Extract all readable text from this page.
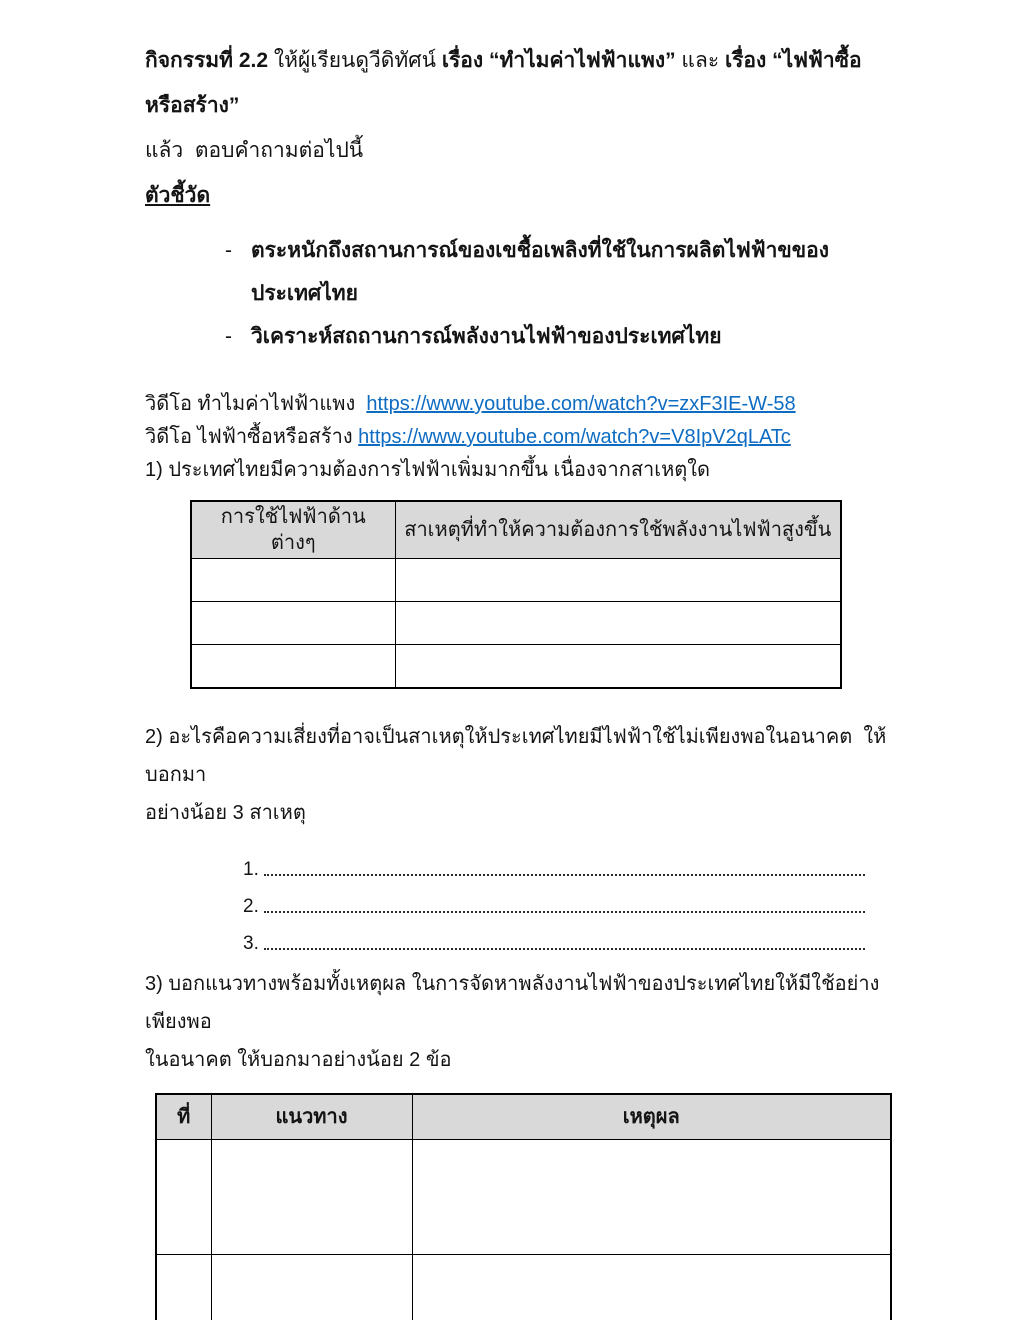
กิจกรรมที่ 2.2 ให้ผู้เรียนดูวีดิทัศน์ เรื่อง “ทำไมค่าไฟฟ้าแพง” และ เรื่อง “ไฟฟ้าซื้อหรือสร้าง”
แล้ว  ตอบคำถามต่อไปนี้
ตัวชี้วัด
- ตระหนักถึงสถานการณ์ของเขชื้อเพลิงที่ใช้ในการผลิตไฟฟ้าขของประเทศไทย
- วิเคราะห์สถถานการณ์พลังงานไฟฟ้าของประเทศไทย
วิดีโอ ทำไมค่าไฟฟ้าแพง  https://www.youtube.com/watch?v=zxF3IE-W-58
วิดีโอ ไฟฟ้าซื้อหรือสร้าง https://www.youtube.com/watch?v=V8IpV2qLATc
1) ประเทศไทยมีความต้องการไฟฟ้าเพิ่มมากขึ้น เนื่องจากสาเหตุใด
การใช้ไฟฟ้าด้านต่างๆ	สาเหตุที่ทำให้ความต้องการใช้พลังงานไฟฟ้าสูงขึ้น

2) อะไรคือความเสี่ยงที่อาจเป็นสาเหตุให้ประเทศไทยมีไฟฟ้าใช้ไม่เพียงพอในอนาคต  ให้บอกมา
อย่างน้อย 3 สาเหตุ
1.
2.
3.
3) บอกแนวทางพร้อมทั้งเหตุผล ในการจัดหาพลังงานไฟฟ้าของประเทศไทยให้มีใช้อย่างเพียงพอ
ในอนาคต ให้บอกมาอย่างน้อย 2 ข้อ
ที่	แนวทาง	เหตุผล
